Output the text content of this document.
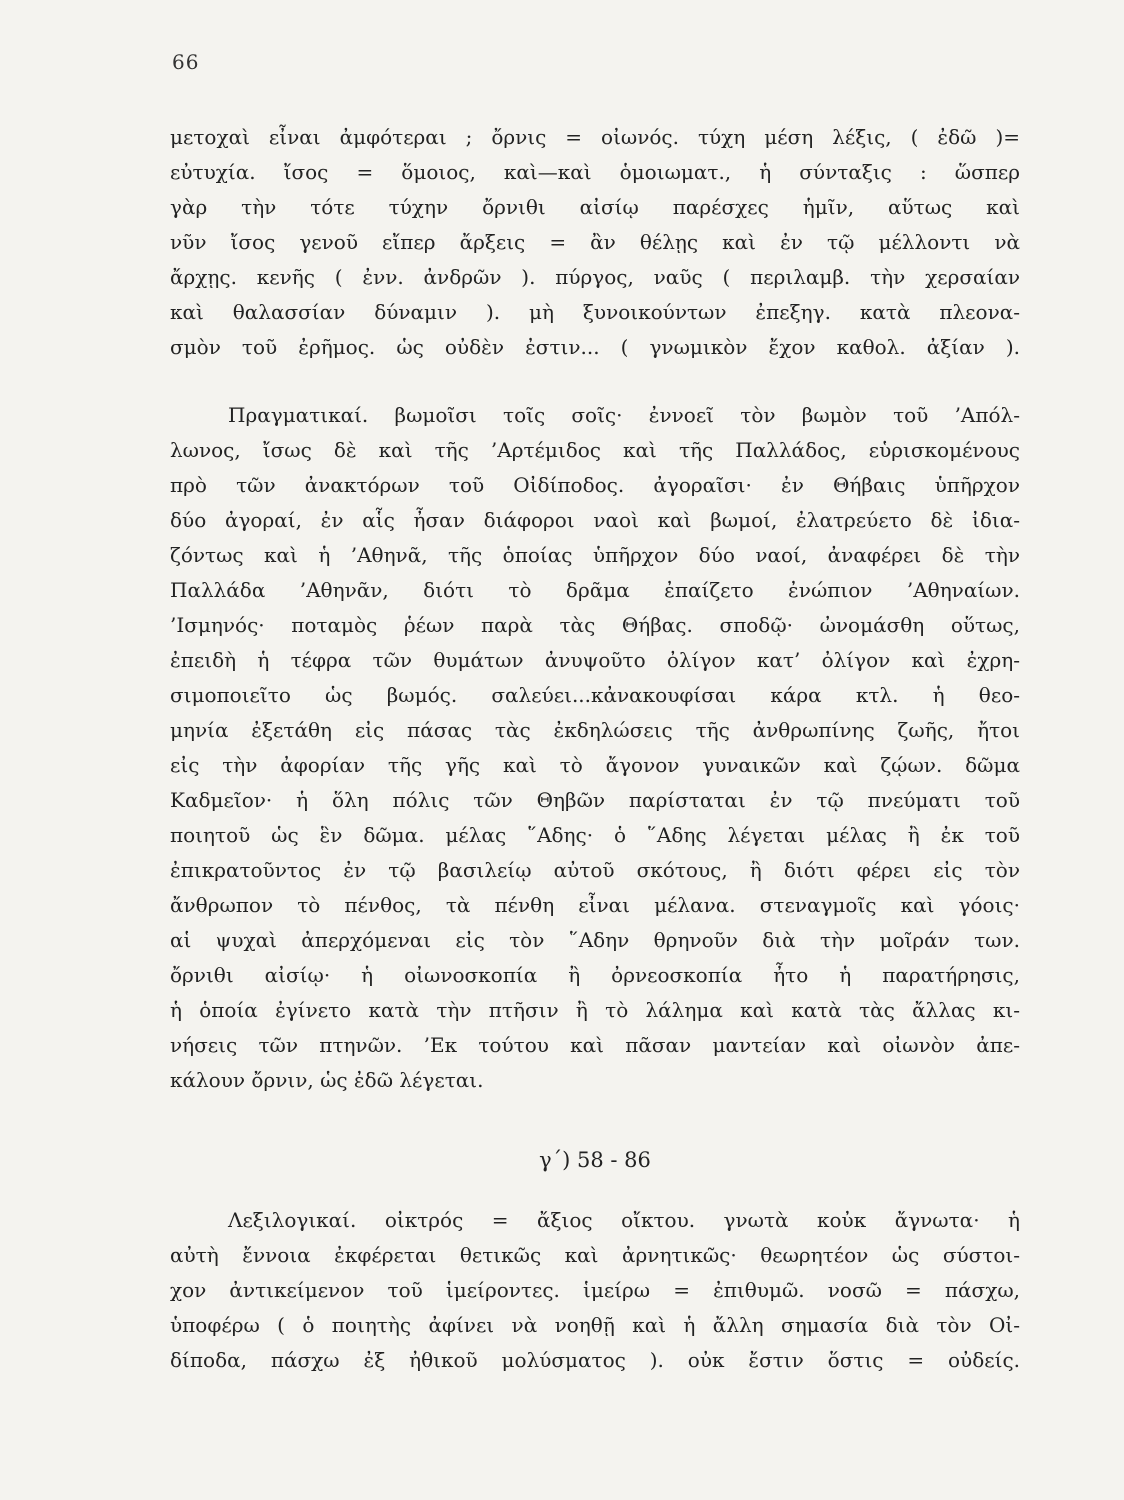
66
μετοχαὶ εἶναι ἀμφότεραι ; ὄρνις = οἰωνός. τύχη μέση λέξις, ( ἐδῶ )=
εὐτυχία. ἴσος = ὅμοιος, καὶ—καὶ ὁμοιωματ., ἡ σύνταξις : ὥσπερ
γὰρ τὴν τότε τύχην ὄρνιθι αἰσίῳ παρέσχες ἡμῖν, αὕτως καὶ
νῦν ἴσος γενοῦ εἴπερ ἄρξεις = ἂν θέλῃς καὶ ἐν τῷ μέλλοντι νὰ
ἄρχῃς. κενῆς ( ἐνν. ἀνδρῶν ). πύργος, ναῦς ( περιλαμβ. τὴν χερσαίαν
καὶ θαλασσίαν δύναμιν ). μὴ ξυνοικούντων ἐπεξηγ. κατὰ πλεονα-
σμὸν τοῦ ἐρῆμος. ὡς οὐδὲν ἐστιν... ( γνωμικὸν ἔχον καθολ. ἀξίαν ).
Πραγματικαί. βωμοῖσι τοῖς σοῖς· ἐννοεῖ τὸν βωμὸν τοῦ ’Απόλ-
λωνος, ἴσως δὲ καὶ τῆς ’Αρτέμιδος καὶ τῆς Παλλάδος, εὑρισκομένους
πρὸ τῶν ἀνακτόρων τοῦ Οἰδίποδος. ἀγοραῖσι· ἐν Θήβαις ὑπῆρχον
δύο ἀγοραί, ἐν αἷς ἦσαν διάφοροι ναοὶ καὶ βωμοί, ἐλατρεύετο δὲ ἰδια-
ζόντως καὶ ἡ ’Αθηνᾶ, τῆς ὁποίας ὑπῆρχον δύο ναοί, ἀναφέρει δὲ τὴν
Παλλάδα ’Αθηνᾶν, διότι τὸ δρᾶμα ἐπαίζετο ἐνώπιον ’Αθηναίων.
’Ισμηνός· ποταμὸς ῥέων παρὰ τὰς Θήβας. σποδῷ· ὠνομάσθη οὕτως,
ἐπειδὴ ἡ τέφρα τῶν θυμάτων ἀνυψοῦτο ὀλίγον κατ’ ὀλίγον καὶ ἐχρη-
σιμοποιεῖτο ὡς βωμός. σαλεύει...κἀνακουφίσαι κάρα κτλ. ἡ θεο-
μηνία ἐξετάθη εἰς πάσας τὰς ἐκδηλώσεις τῆς ἀνθρωπίνης ζωῆς, ἤτοι
εἰς τὴν ἀφορίαν τῆς γῆς καὶ τὸ ἄγονον γυναικῶν καὶ ζῴων. δῶμα
Καδμεῖον· ἡ ὅλη πόλις τῶν Θηβῶν παρίσταται ἐν τῷ πνεύματι τοῦ
ποιητοῦ ὡς ἓν δῶμα. μέλας ῞Αδης· ὁ ῞Αδης λέγεται μέλας ἢ ἐκ τοῦ
ἐπικρατοῦντος ἐν τῷ βασιλείῳ αὐτοῦ σκότους, ἢ διότι φέρει εἰς τὸν
ἄνθρωπον τὸ πένθος, τὰ πένθη εἶναι μέλανα. στεναγμοῖς καὶ γόοις·
αἱ ψυχαὶ ἀπερχόμεναι εἰς τὸν ῞Αδην θρηνοῦν διὰ τὴν μοῖράν των.
ὄρνιθι αἰσίῳ· ἡ οἰωνοσκοπία ἢ ὀρνεοσκοπία ἦτο ἡ παρατήρησις,
ἡ ὁποία ἐγίνετο κατὰ τὴν πτῆσιν ἢ τὸ λάλημα καὶ κατὰ τὰς ἄλλας κι-
νήσεις τῶν πτηνῶν. ’Εκ τούτου καὶ πᾶσαν μαντείαν καὶ οἰωνὸν ἀπε-
κάλουν ὄρνιν, ὡς ἐδῶ λέγεται.
γ΄) 58 - 86
Λεξιλογικαί. οἰκτρός = ἄξιος οἴκτου. γνωτὰ κοὐκ ἄγνωτα· ἡ
αὐτὴ ἔννοια ἐκφέρεται θετικῶς καὶ ἀρνητικῶς· θεωρητέον ὡς σύστοι-
χον ἀντικείμενον τοῦ ἱμείροντες. ἱμείρω = ἐπιθυμῶ. νοσῶ = πάσχω,
ὑποφέρω ( ὁ ποιητὴς ἀφίνει νὰ νοηθῇ καὶ ἡ ἄλλη σημασία διὰ τὸν Οἰ-
δίποδα, πάσχω ἐξ ἠθικοῦ μολύσματος ). οὐκ ἔστιν ὅστις = οὐδείς.
